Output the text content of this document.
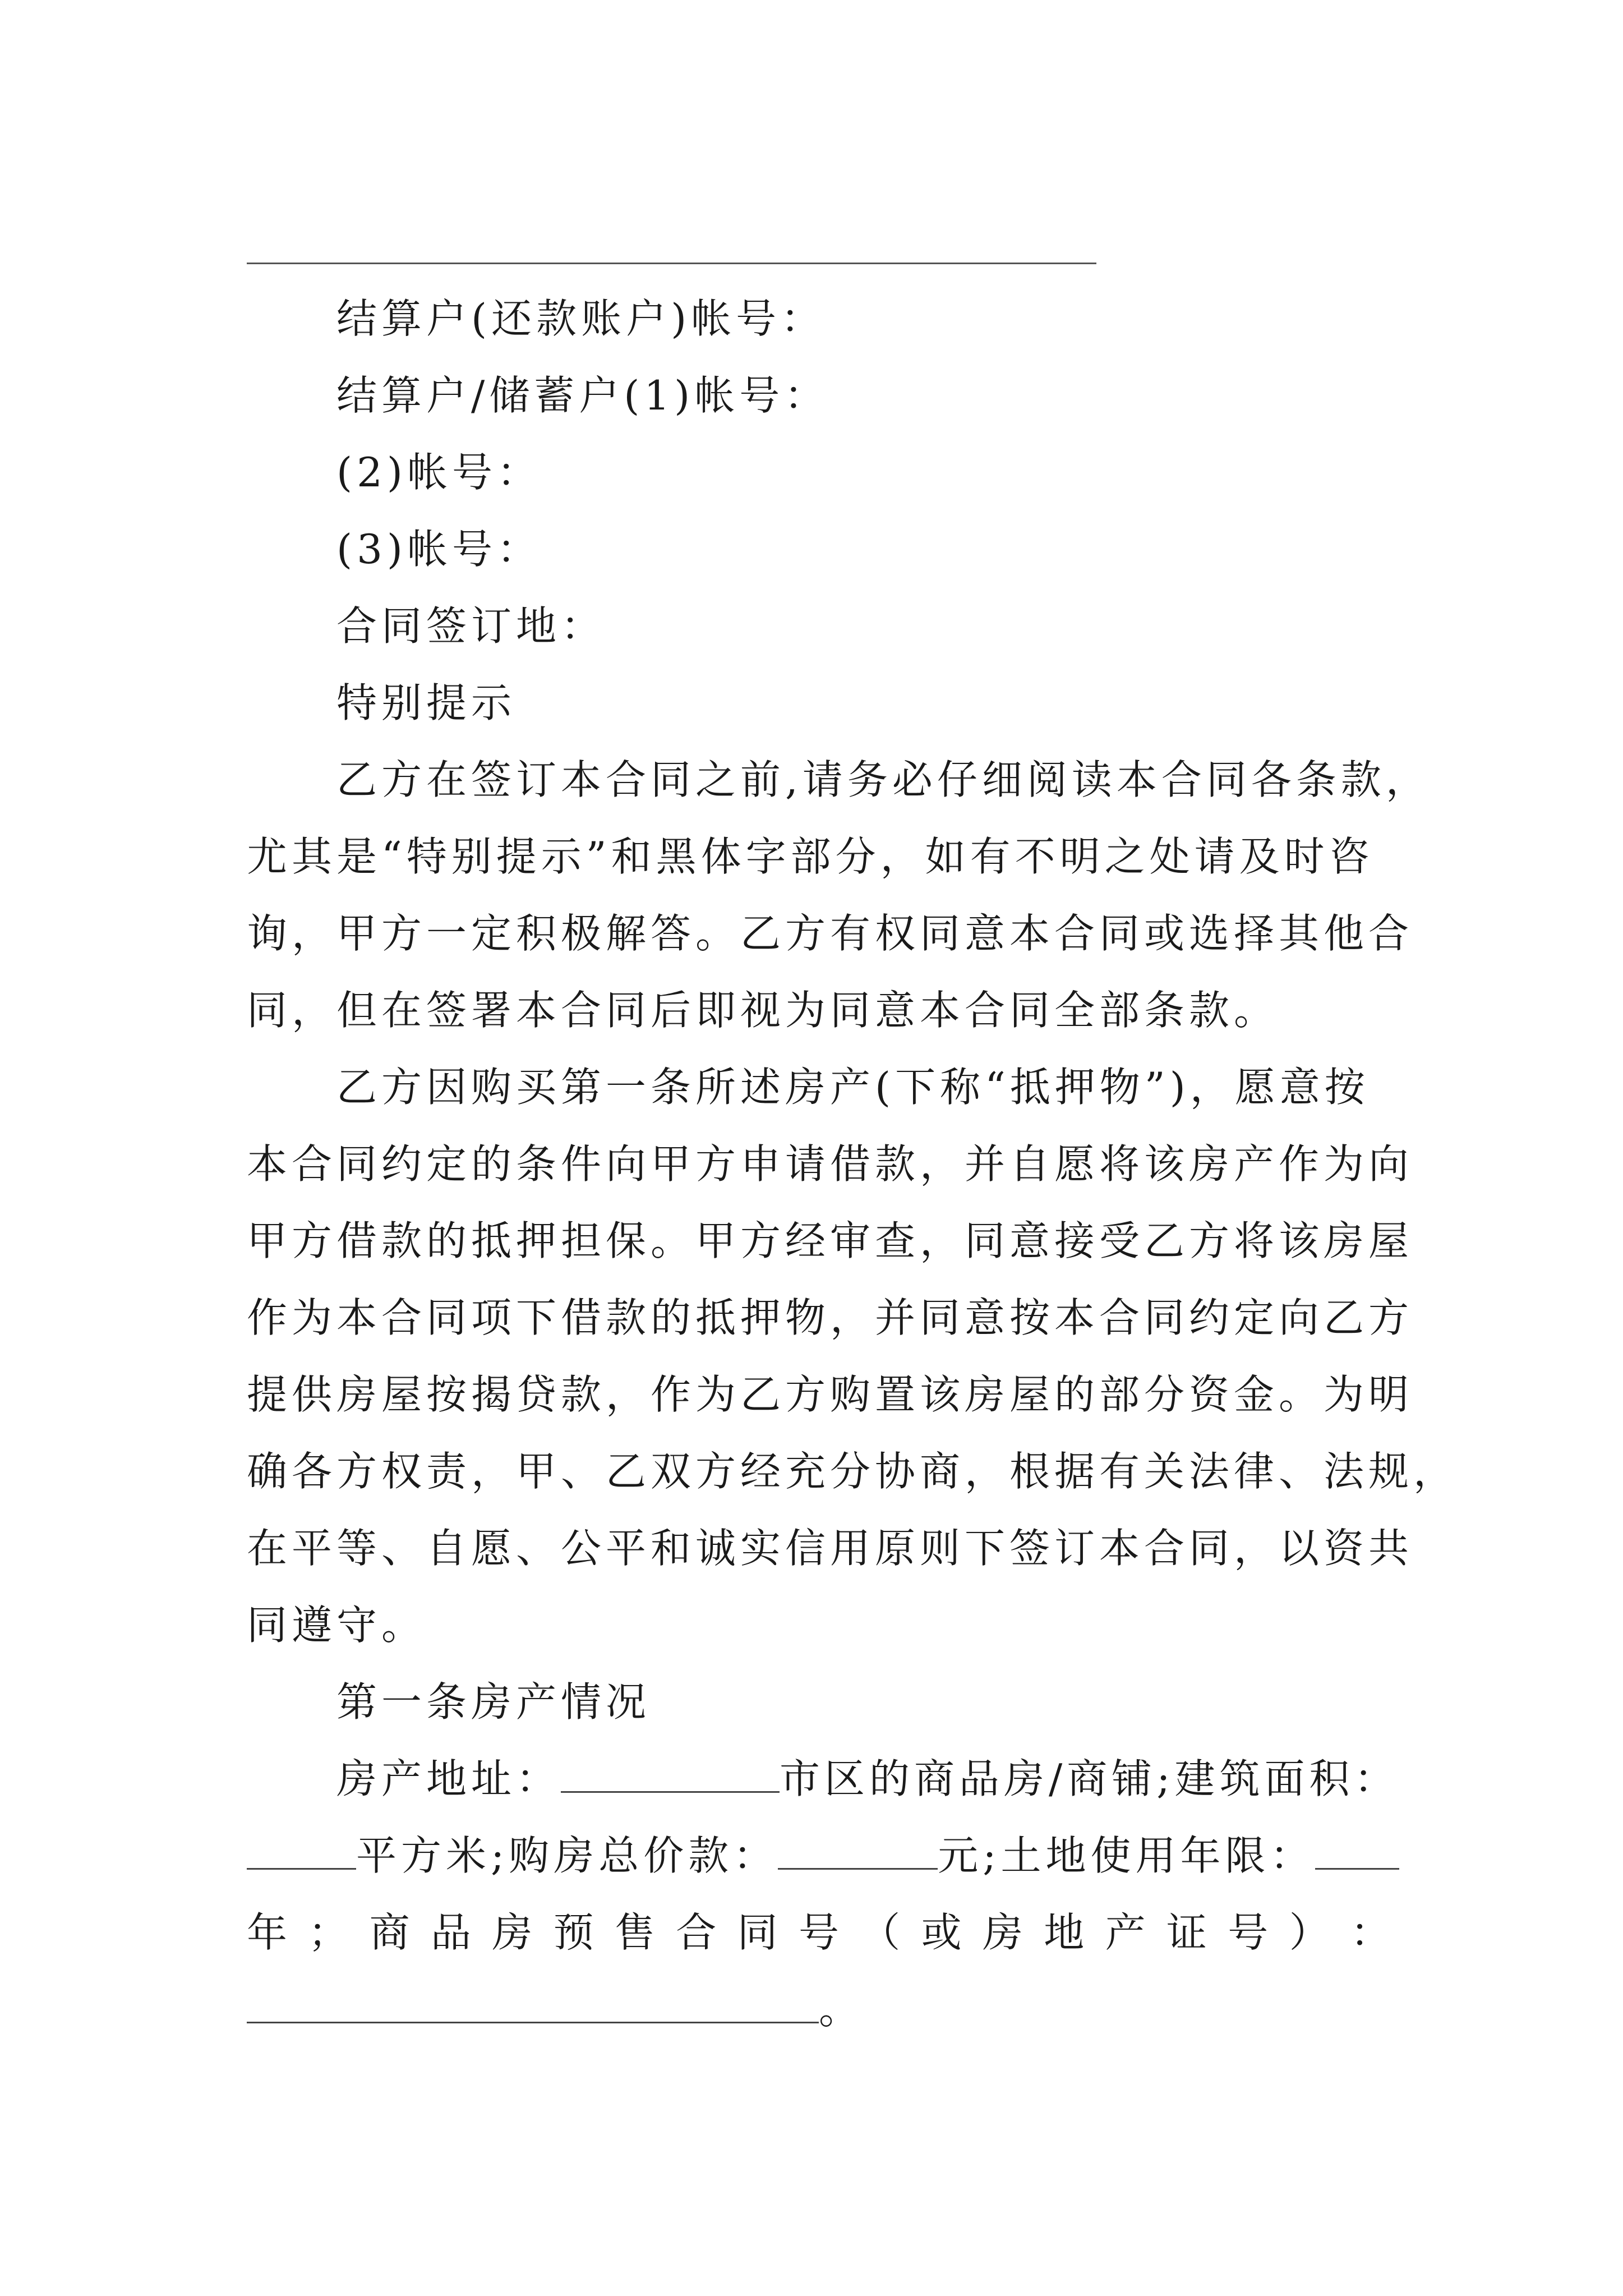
结算户(还款账户)帐号：
结算户/储蓄户(1)帐号：
(2)帐号：
(3)帐号：
合同签订地：
特别提示
乙方在签订本合同之前,请务必仔细阅读本合同各条款，
尤其是“特别提示”和黑体字部分，如有不明之处请及时咨
询，甲方一定积极解答。乙方有权同意本合同或选择其他合
同，但在签署本合同后即视为同意本合同全部条款。
乙方因购买第一条所述房产(下称“抵押物”)，愿意按
本合同约定的条件向甲方申请借款，并自愿将该房产作为向
甲方借款的抵押担保。甲方经审查，同意接受乙方将该房屋
作为本合同项下借款的抵押物，并同意按本合同约定向乙方
提供房屋按揭贷款，作为乙方购置该房屋的部分资金。为明
确各方权责，甲、乙双方经充分协商，根据有关法律、法规，
在平等、自愿、公平和诚实信用原则下签订本合同，以资共
同遵守。
第一条房产情况
房产地址：	市区的商品房/商铺;建筑面积：
平方米;购房总价款：	元;土地使用年限：
年 ； 商 品 房 预 售 合 同 号 （ 或 房 地 产 证 号 ） ：
。
